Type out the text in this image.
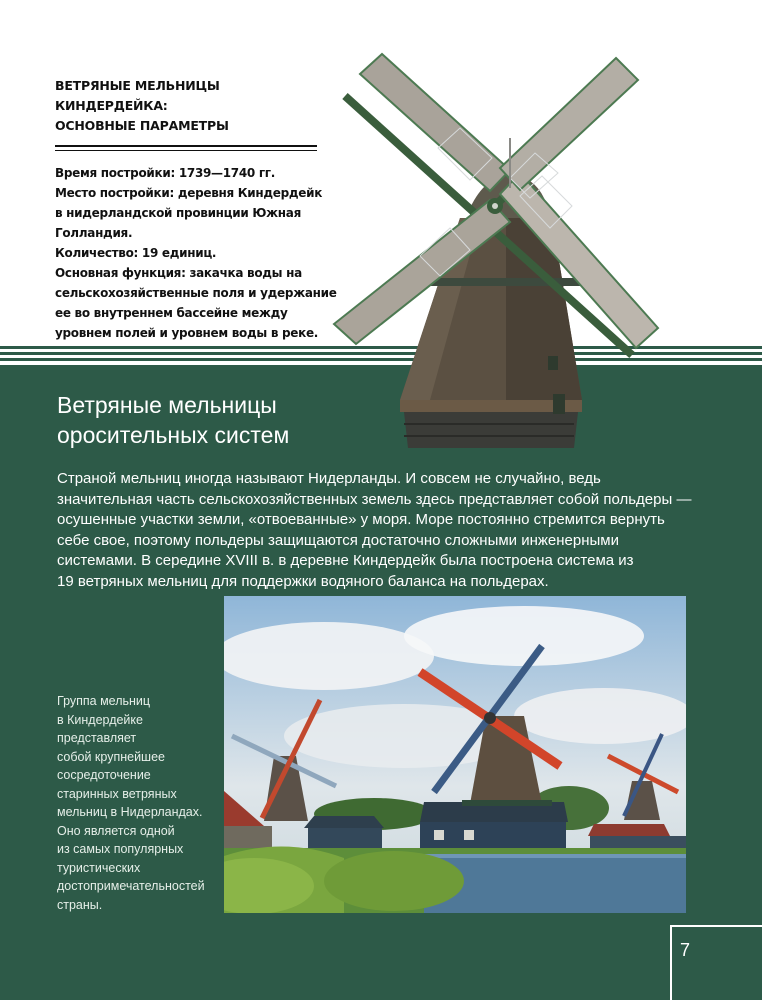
ВЕТРЯНЫЕ МЕЛЬНИЦЫ КИНДЕРДЕЙКА:
ОСНОВНЫЕ ПАРАМЕТРЫ
Время постройки: 1739—1740 гг.
Место постройки: деревня Киндердейк
в нидерландской провинции Южная
Голландия.
Количество: 19 единиц.
Основная функция: закачка воды на
сельскохозяйственные поля и удержание
ее во внутреннем бассейне между
уровнем полей и уровнем воды в реке.
Ветряные мельницы
оросительных систем
Страной мельниц иногда называют Нидерланды. И совсем не случайно, ведь
значительная часть сельскохозяйственных земель здесь представляет собой польдеры —
осушенные участки земли, «отвоеванные» у моря. Море постоянно стремится вернуть
себе свое, поэтому польдеры защищаются достаточно сложными инженерными
системами. В середине XVIII в. в деревне Киндердейк была построена система из
19 ветряных мельниц для поддержки водяного баланса на польдерах.
Группа мельниц
в Киндердейке
представляет
собой крупнейшее
сосредоточение
старинных ветряных
мельниц в Нидерландах.
Оно является одной
из самых популярных
туристических
достопримечательностей
страны.
7
